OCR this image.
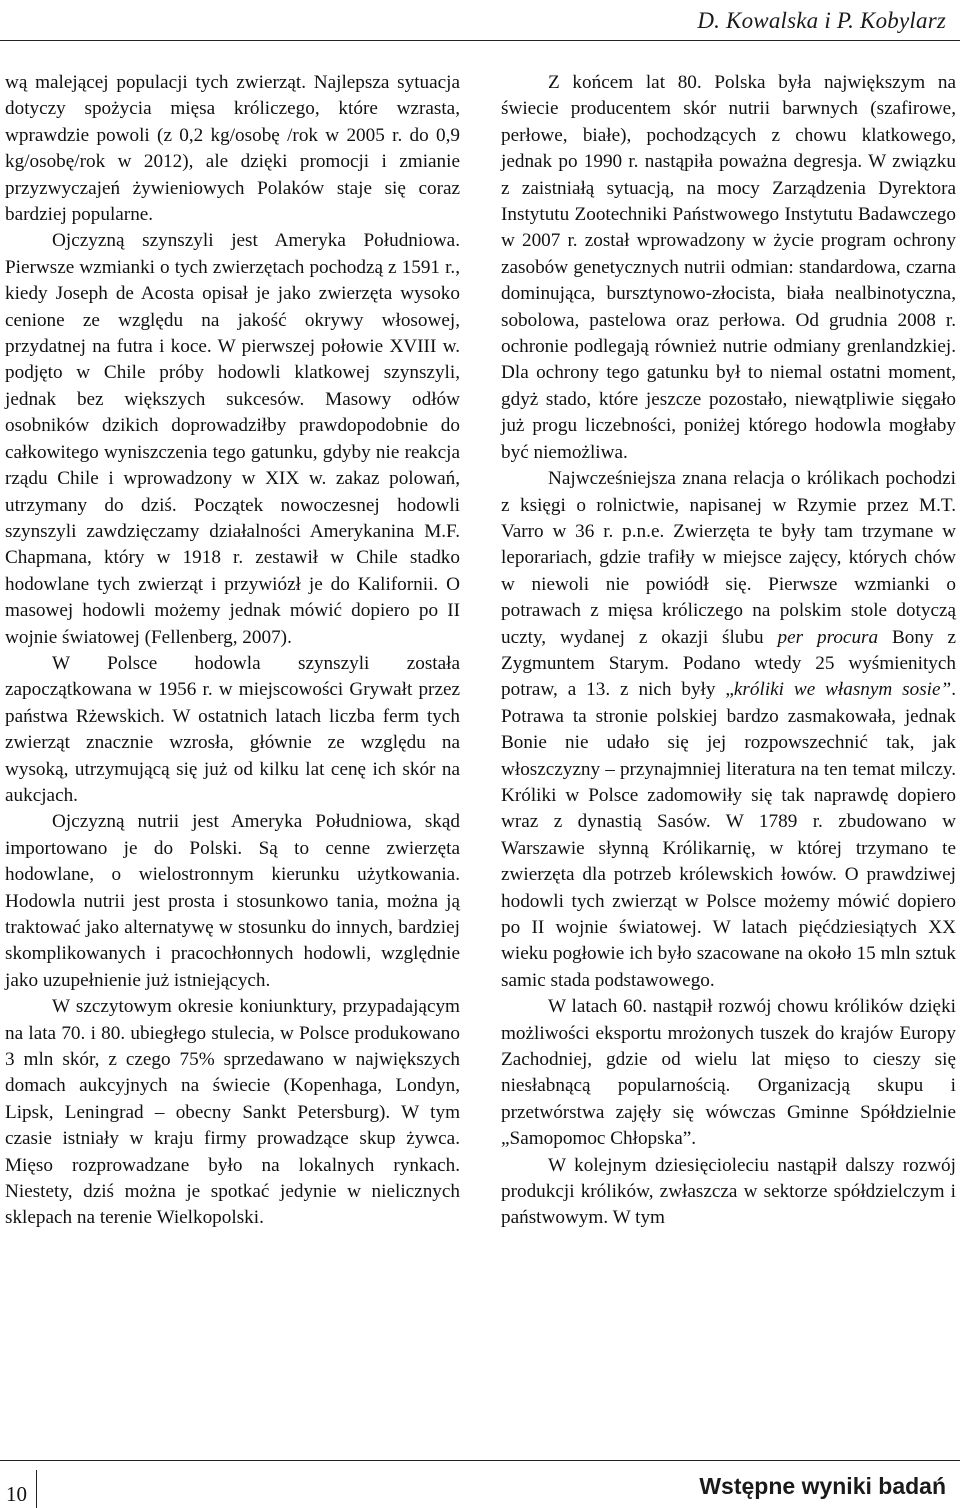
D. Kowalska i P. Kobylarz

wą malejącej populacji tych zwierząt. Najlepsza sytuacja dotyczy spożycia mięsa króliczego, które wzrasta, wprawdzie powoli (z 0,2 kg/osobę /rok w 2005 r. do 0,9 kg/osobę/rok w 2012), ale dzięki promocji i zmianie przyzwyczajeń żywieniowych Polaków staje się coraz bardziej popularne.

Ojczyzną szynszyli jest Ameryka Południowa. Pierwsze wzmianki o tych zwierzętach pochodzą z 1591 r., kiedy Joseph de Acosta opisał je jako zwierzęta wysoko cenione ze względu na jakość okrywy włosowej, przydatnej na futra i koce. W pierwszej połowie XVIII w. podjęto w Chile próby hodowli klatkowej szynszyli, jednak bez większych sukcesów. Masowy odłów osobników dzikich doprowadziłby prawdopodobnie do całkowitego wyniszczenia tego gatunku, gdyby nie reakcja rządu Chile i wprowadzony w XIX w. zakaz polowań, utrzymany do dziś. Początek nowoczesnej hodowli szynszyli zawdzięczamy działalności Amerykanina M.F. Chapmana, który w 1918 r. zestawił w Chile stadko hodowlane tych zwierząt i przywiózł je do Kalifornii. O masowej hodowli możemy jednak mówić dopiero po II wojnie światowej (Fellenberg, 2007).

W Polsce hodowla szynszyli została zapoczątkowana w 1956 r. w miejscowości Grywałt przez państwa Rżewskich. W ostatnich latach liczba ferm tych zwierząt znacznie wzrosła, głównie ze względu na wysoką, utrzymującą się już od kilku lat cenę ich skór na aukcjach.

Ojczyzną nutrii jest Ameryka Południowa, skąd importowano je do Polski. Są to cenne zwierzęta hodowlane, o wielostronnym kierunku użytkowania. Hodowla nutrii jest prosta i stosunkowo tania, można ją traktować jako alternatywę w stosunku do innych, bardziej skomplikowanych i pracochłonnych hodowli, względnie jako uzupełnienie już istniejących.

W szczytowym okresie koniunktury, przypadającym na lata 70. i 80. ubiegłego stulecia, w Polsce produkowano 3 mln skór, z czego 75% sprzedawano w największych domach aukcyjnych na świecie (Kopenhaga, Londyn, Lipsk, Leningrad – obecny Sankt Petersburg). W tym czasie istniały w kraju firmy prowadzące skup żywca. Mięso rozprowadzane było na lokalnych rynkach. Niestety, dziś można je spotkać jedynie w nielicznych sklepach na terenie Wielkopolski.

Z końcem lat 80. Polska była największym na świecie producentem skór nutrii barwnych (szafirowe, perłowe, białe), pochodzących z chowu klatkowego, jednak po 1990 r. nastąpiła poważna degresja. W związku z zaistniałą sytuacją, na mocy Zarządzenia Dyrektora Instytutu Zootechniki Państwowego Instytutu Badawczego w 2007 r. został wprowadzony w życie program ochrony zasobów genetycznych nutrii odmian: standardowa, czarna dominująca, bursztynowo-złocista, biała nealbinotyczna, sobolowa, pastelowa oraz perłowa. Od grudnia 2008 r. ochronie podlegają również nutrie odmiany grenlandzkiej. Dla ochrony tego gatunku był to niemal ostatni moment, gdyż stado, które jeszcze pozostało, niewątpliwie sięgało już progu liczebności, poniżej którego hodowla mogłaby być niemożliwa.

Najwcześniejsza znana relacja o królikach pochodzi z księgi o rolnictwie, napisanej w Rzymie przez M.T. Varro w 36 r. p.n.e. Zwierzęta te były tam trzymane w leporariach, gdzie trafiły w miejsce zajęcy, których chów w niewoli nie powiódł się. Pierwsze wzmianki o potrawach z mięsa króliczego na polskim stole dotyczą uczty, wydanej z okazji ślubu per procura Bony z Zygmuntem Starym. Podano wtedy 25 wyśmienitych potraw, a 13. z nich były „króliki we własnym sosie”. Potrawa ta stronie polskiej bardzo zasmakowała, jednak Bonie nie udało się jej rozpowszechnić tak, jak włoszczyzny – przynajmniej literatura na ten temat milczy. Króliki w Polsce zadomowiły się tak naprawdę dopiero wraz z dynastią Sasów. W 1789 r. zbudowano w Warszawie słynną Królikarnię, w której trzymano te zwierzęta dla potrzeb królewskich łowów. O prawdziwej hodowli tych zwierząt w Polsce możemy mówić dopiero po II wojnie światowej. W latach pięćdziesiątych XX wieku pogłowie ich było szacowane na około 15 mln sztuk samic stada podstawowego.

W latach 60. nastąpił rozwój chowu królików dzięki możliwości eksportu mrożonych tuszek do krajów Europy Zachodniej, gdzie od wielu lat mięso to cieszy się niesłabnącą popularnością. Organizacją skupu i przetwórstwa zajęły się wówczas Gminne Spółdzielnie „Samopomoc Chłopska”.

W kolejnym dziesięcioleciu nastąpił dalszy rozwój produkcji królików, zwłaszcza w sektorze spółdzielczym i państwowym. W tym

10	Wstępne wyniki badań
